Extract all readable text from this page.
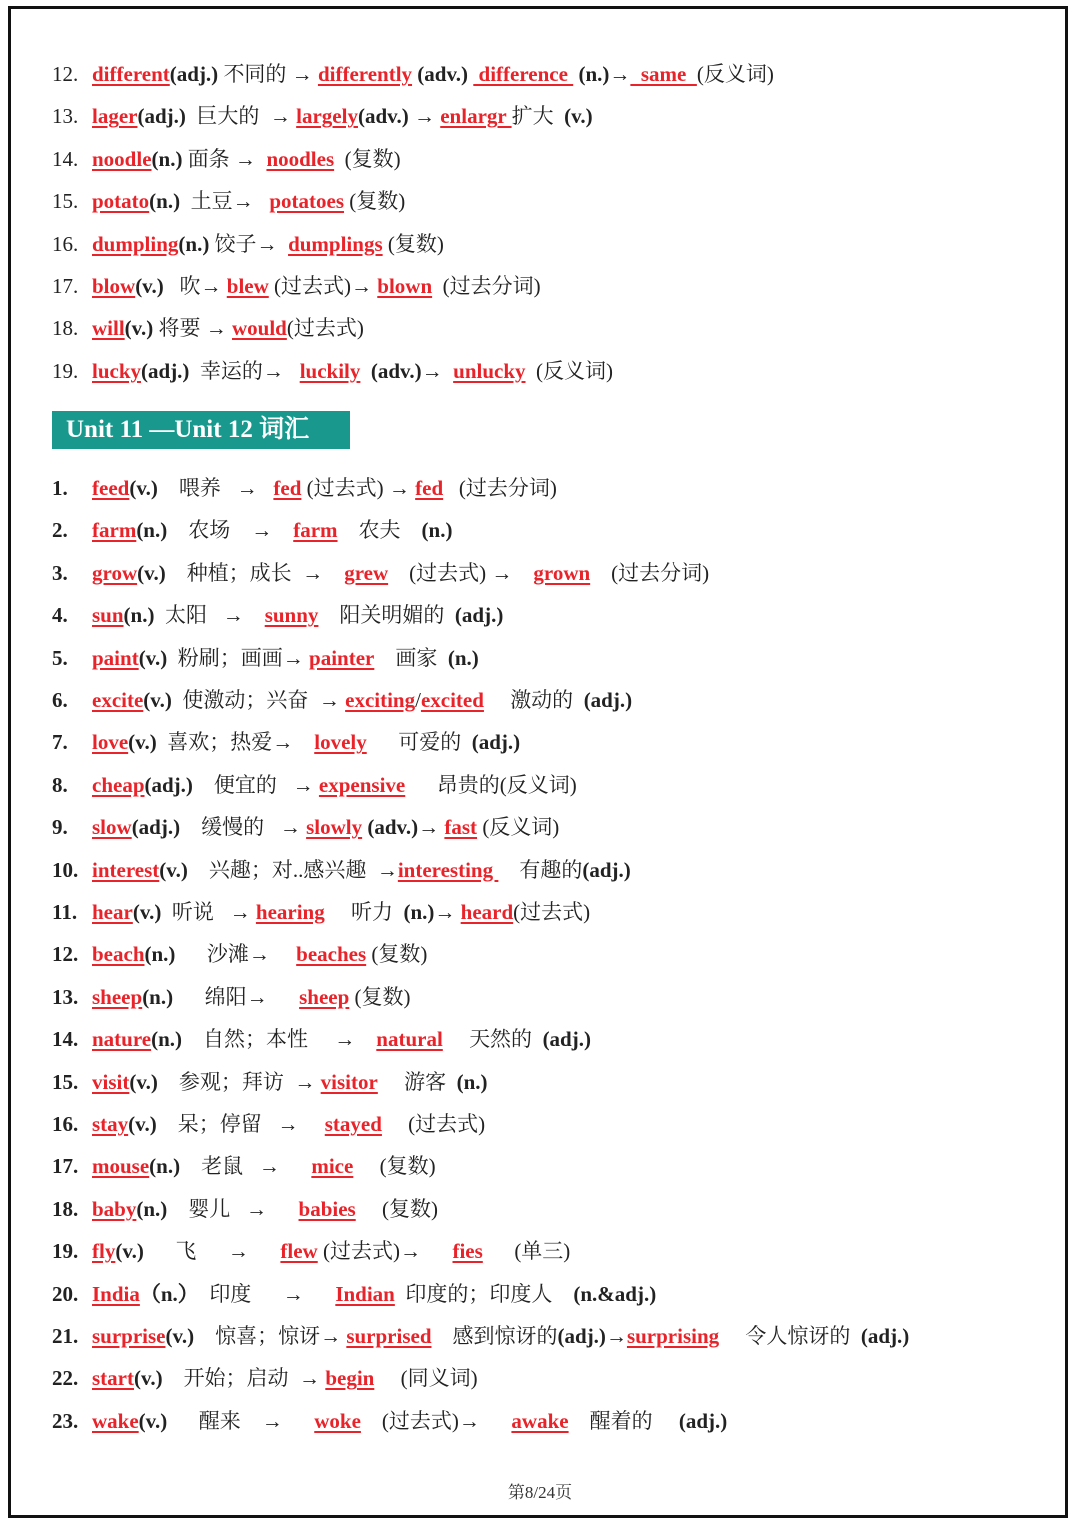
12. different(adj.) 不同的 → differently (adv.)  difference  (n.)→  same  (反义词)
13. lager(adj.)  巨大的  → largely(adv.) → enlargr 扩大  (v.)
14. noodle(n.) 面条 →  noodles  (复数)
15. potato(n.)  土豆→   potatoes (复数)
16. dumpling(n.) 饺子→  dumplings (复数)
17. blow(v.)   吹→ blew (过去式)→ blown  (过去分词)
18. will(v.) 将要 → would(过去式)
19. lucky(adj.)  幸运的→   luckily  (adv.)→  unlucky  (反义词)
Unit 11 —Unit 12 词汇
1. feed(v.)    喂养   →   fed (过去式) → fed   (过去分词)
2. farm(n.)    农场    →    farm    农夫    (n.)
3. grow(v.)    种植；成长  →    grew    (过去式) →    grown    (过去分词)
4. sun(n.)  太阳   →    sunny    阳关明媚的  (adj.)
5. paint(v.)  粉刷；画画→ painter    画家  (n.)
6. excite(v.)  使激动；兴奋  → exciting/excited     激动的  (adj.)
7. love(v.)  喜欢；热爱→    lovely      可爱的  (adj.)
8. cheap(adj.)    便宜的   → expensive      昂贵的(反义词)
9. slow(adj.)    缓慢的   → slowly (adv.)→ fast (反义词)
10. interest(v.)    兴趣；对..感兴趣  →interesting     有趣的(adj.)
11. hear(v.)  听说   → hearing     听力  (n.)→ heard(过去式)
12. beach(n.)      沙滩→     beaches (复数)
13. sheep(n.)      绵阳→      sheep (复数)
14. nature(n.)    自然；本性     →    natural     天然的  (adj.)
15. visit(v.)    参观；拜访  → visitor     游客  (n.)
16. stay(v.)    呆；停留   →     stayed     (过去式)
17. mouse(n.)    老鼠   →      mice     (复数)
18. baby(n.)    婴儿   →      babies     (复数)
19. fly(v.)      飞      →      flew (过去式)→      fies      (单三)
20. India（n.）  印度      →      Indian  印度的；印度人    (n.&adj.)
21. surprise(v.)    惊喜；惊讶→ surprised    感到惊讶的(adj.)→surprising     令人惊讶的  (adj.)
22. start(v.)    开始；启动  → begin     (同义词)
23. wake(v.)      醒来    →      woke    (过去式)→      awake    醒着的     (adj.)
第8/24页
